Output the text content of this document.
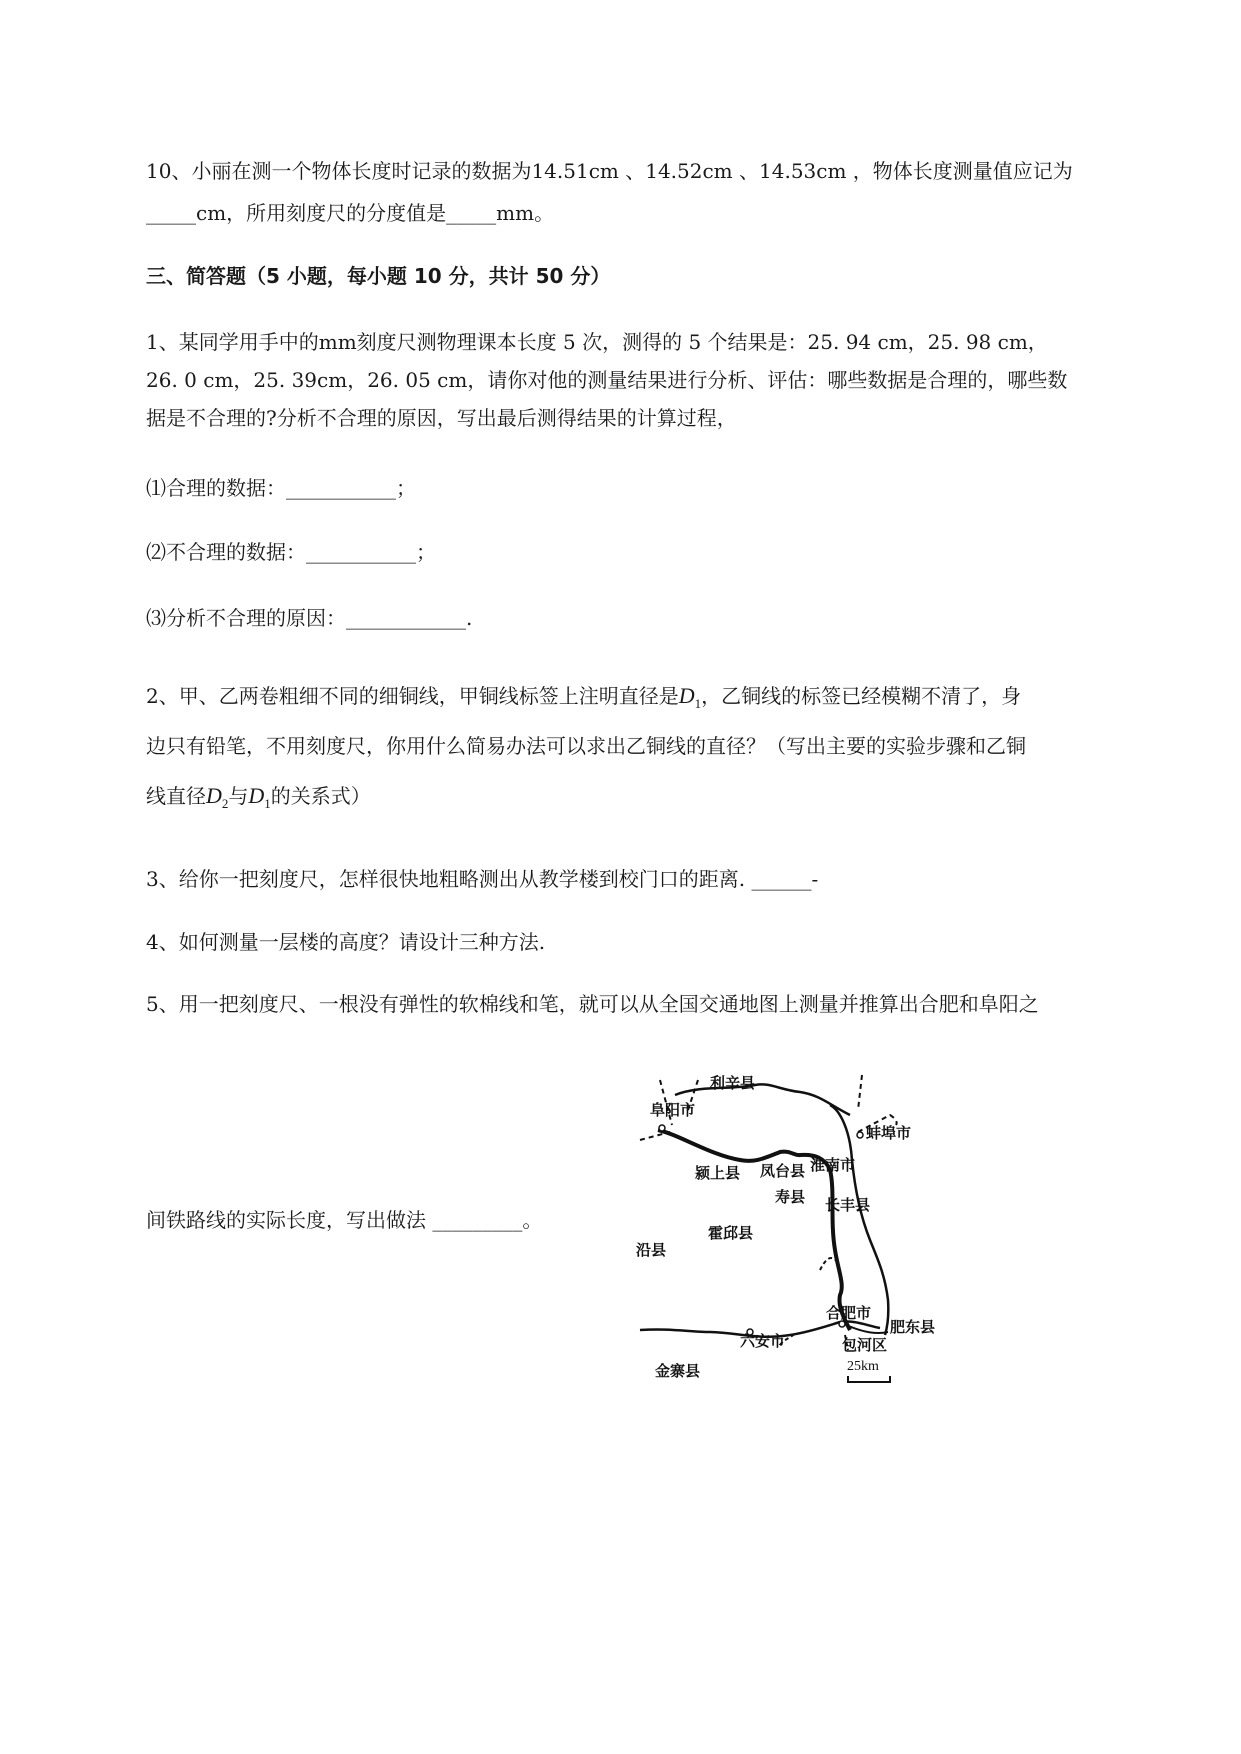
10、小丽在测一个物体长度时记录的数据为14.51cm 、14.52cm 、14.53cm ，物体长度测量值应记为
_____cm，所用刻度尺的分度值是_____mm。
三、简答题（5 小题，每小题 10 分，共计 50 分）
1、某同学用手中的mm刻度尺测物理课本长度 5 次，测得的 5 个结果是：25. 94 cm，25. 98 cm，
26. 0 cm，25. 39cm，26. 05 cm，请你对他的测量结果进行分析、评估：哪些数据是合理的，哪些数
据是不合理的?分析不合理的原因，写出最后测得结果的计算过程，
⑴合理的数据：___________；
⑵不合理的数据：___________；
⑶分析不合理的原因：____________.
2、甲、乙两卷粗细不同的细铜线，甲铜线标签上注明直径是$D_1$，乙铜线的标签已经模糊不清了，身
边只有铅笔，不用刻度尺，你用什么简易办法可以求出乙铜线的直径？（写出主要的实验步骤和乙铜
线直径$D_2$与$D_1$的关系式）
3、给你一把刻度尺，怎样很快地粗略测出从教学楼到校门口的距离. ______-
4、如何测量一层楼的高度？请设计三种方法.
5、用一把刻度尺、一根没有弹性的软棉线和笔，就可以从全国交通地图上测量并推算出合肥和阜阳之
间铁路线的实际长度，写出做法 _________。
利辛县
阜阳市
蚌埠市
颍上县 凤台县 淮南市
寿县 长丰县
霍邱县
沿县
合肥市
肥东县
六安市	包河区
金寨县	25km
